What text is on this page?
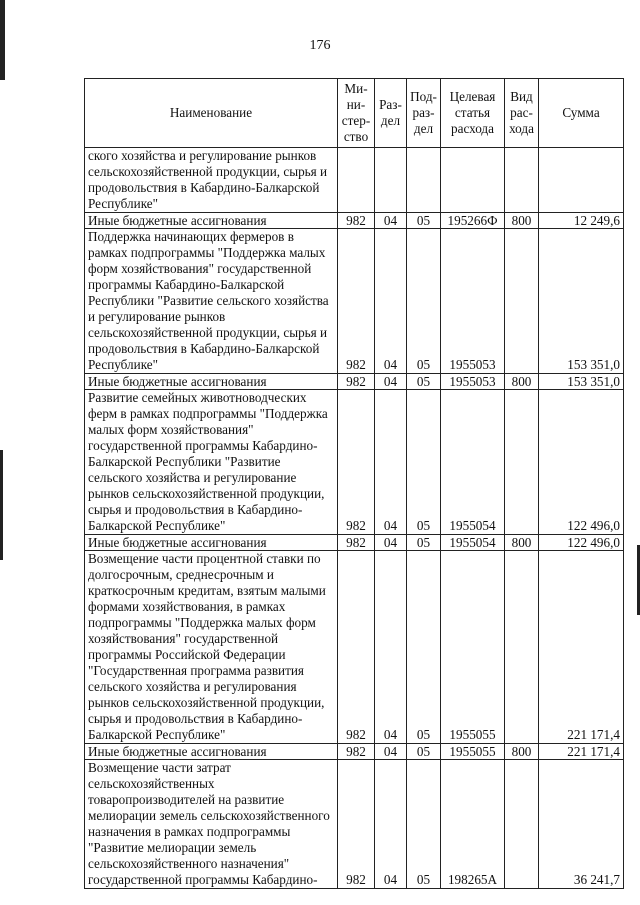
176
Наименование	Ми-ни-стер-ство	Раз-дел	Под-раз-дел	Целевая статья расхода	Вид рас-хода	Сумма
ского хозяйства и регулирование рынков сельскохозяйственной продукции, сырья и продовольствия в Кабардино-Балкарской Республике"						
Иные бюджетные ассигнования	982	04	05	195266Ф	800	12 249,6
Поддержка начинающих фермеров в рамках подпрограммы "Поддержка малых форм хозяйствования" государственной программы Кабардино-Балкарской Республики "Развитие сельского хозяйства и регулирование рынков сельскохозяйственной продукции, сырья и продовольствия в Кабардино-Балкарской Республике"	982	04	05	1955053		153 351,0
Иные бюджетные ассигнования	982	04	05	1955053	800	153 351,0
Развитие семейных животноводческих ферм в рамках подпрограммы "Поддержка малых форм хозяйствования" государственной программы Кабардино-Балкарской Республики "Развитие сельского хозяйства и регулирование рынков сельскохозяйственной продукции, сырья и продовольствия в Кабардино-Балкарской Республике"	982	04	05	1955054		122 496,0
Иные бюджетные ассигнования	982	04	05	1955054	800	122 496,0
Возмещение части процентной ставки по долгосрочным, среднесрочным и краткосрочным кредитам, взятым малыми формами хозяйствования, в рамках подпрограммы "Поддержка малых форм хозяйствования" государственной программы Российской Федерации "Государственная программа развития сельского хозяйства и регулирования рынков сельскохозяйственной продукции, сырья и продовольствия в Кабардино-Балкарской Республике"	982	04	05	1955055		221 171,4
Иные бюджетные ассигнования	982	04	05	1955055	800	221 171,4
Возмещение части затрат сельскохозяйственных товаропроизводителей на развитие мелиорации земель сельскохозяйственного назначения в рамках подпрограммы "Развитие мелиорации земель сельскохозяйственного назначения" государственной программы Кабардино-	982	04	05	198265А		36 241,7
